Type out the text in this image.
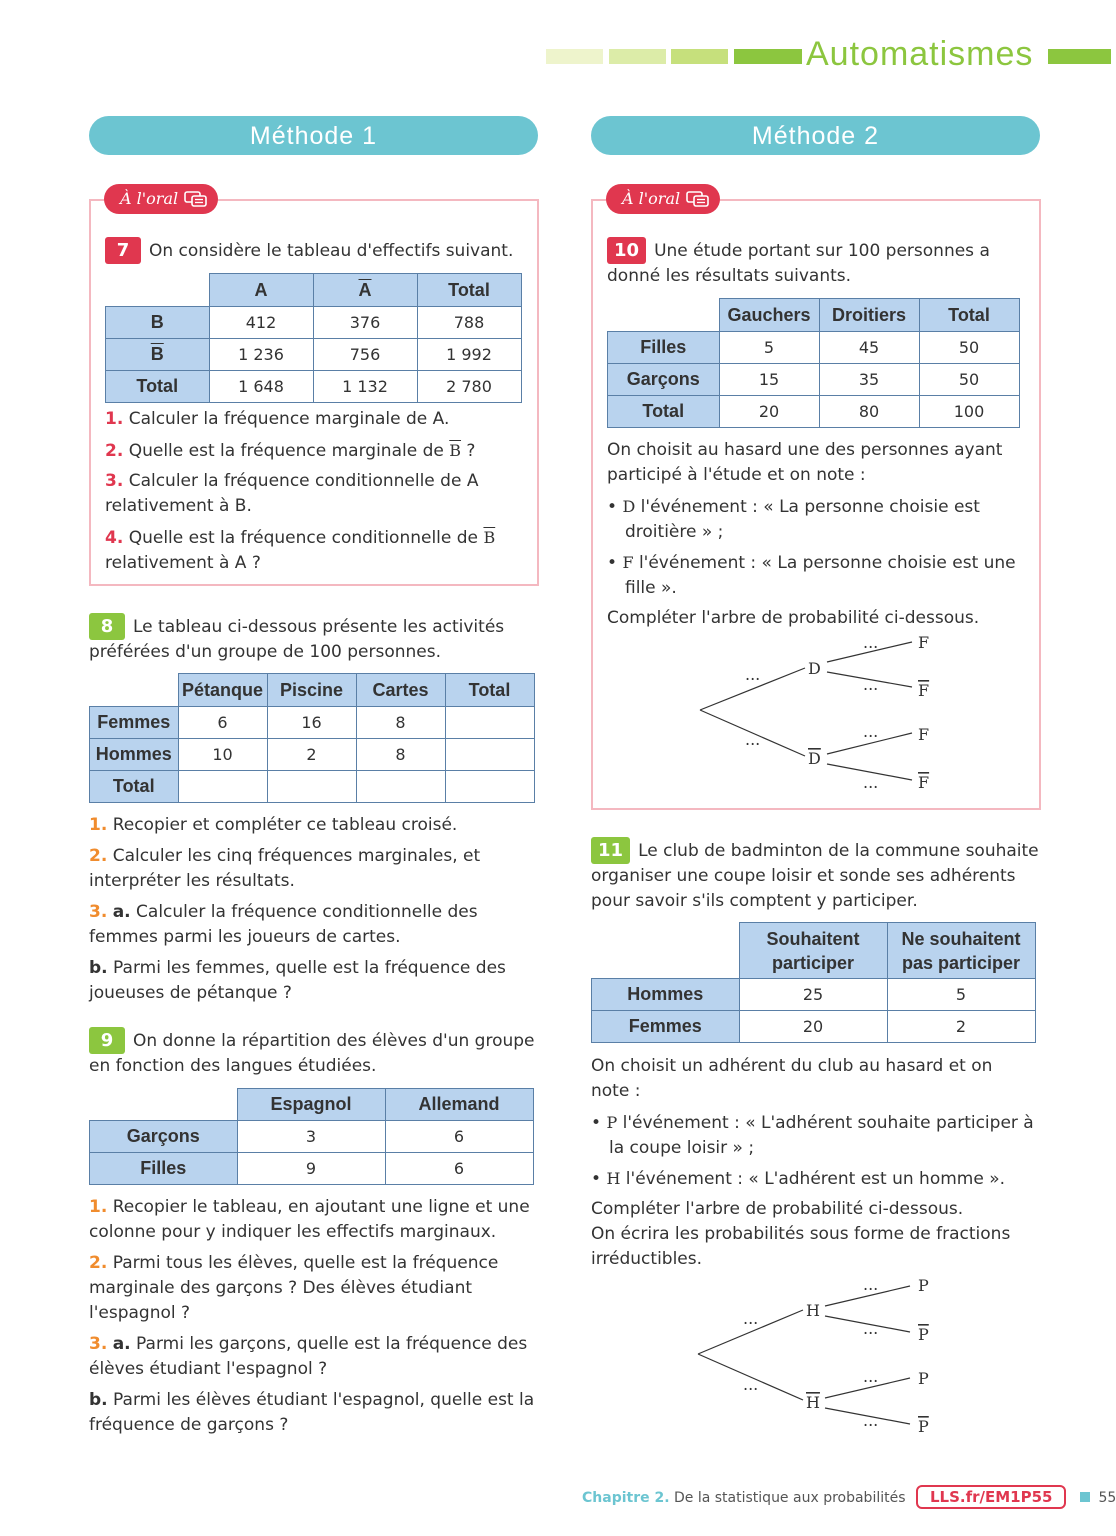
Automatismes
Méthode 1	Méthode 2
À l'oral
7 On considère le tableau d'effectifs suivant.
	A	$\overline{A}$	Total
B	412	376	788
$\overline{B}$	1 236	756	1 992
Total	1 648	1 132	2 780
1. Calculer la fréquence marginale de A.
2. Quelle est la fréquence marginale de $\overline{B}$ ?
3. Calculer la fréquence conditionnelle de A
relativement à B.
4. Quelle est la fréquence conditionnelle de $\overline{B}$
relativement à A ?
8 Le tableau ci-dessous présente les activités
préférées d'un groupe de 100 personnes.
	Pétanque	Piscine	Cartes	Total
Femmes	6	16	8	
Hommes	10	2	8	
Total				
1. Recopier et compléter ce tableau croisé.
2. Calculer les cinq fréquences marginales, et
interpréter les résultats.
3. a. Calculer la fréquence conditionnelle des
femmes parmi les joueurs de cartes.
b. Parmi les femmes, quelle est la fréquence des
joueuses de pétanque ?
9 On donne la répartition des élèves d'un groupe
en fonction des langues étudiées.
	Espagnol	Allemand
Garçons	3	6
Filles	9	6
1. Recopier le tableau, en ajoutant une ligne et une
colonne pour y indiquer les effectifs marginaux.
2. Parmi tous les élèves, quelle est la fréquence
marginale des garçons ? Des élèves étudiant
l'espagnol ?
3. a. Parmi les garçons, quelle est la fréquence des
élèves étudiant l'espagnol ?
b. Parmi les élèves étudiant l'espagnol, quelle est la
fréquence de garçons ?
À l'oral
10 Une étude portant sur 100 personnes a
donné les résultats suivants.
	Gauchers	Droitiers	Total
Filles	5	45	50
Garçons	15	35	50
Total	20	80	100
On choisit au hasard une des personnes ayant
participé à l'étude et on note :
• D l'événement : « La personne choisie est
droitière » ;
• F l'événement : « La personne choisie est une
fille ».
Compléter l'arbre de probabilité ci-dessous.
D
D
F
F
F
F
...
...
...
...
...
...
11 Le club de badminton de la commune souhaite
organiser une coupe loisir et sonde ses adhérents
pour savoir s'ils comptent y participer.
	Souhaitent
participer	Ne souhaitent
pas participer
Hommes	25	5
Femmes	20	2
On choisit un adhérent du club au hasard et on
note :
• P l'événement : « L'adhérent souhaite participer à
la coupe loisir » ;
• H l'événement : « L'adhérent est un homme ».
Compléter l'arbre de probabilité ci-dessous.
On écrira les probabilités sous forme de fractions
irréductibles.
H
H
P
P
P
P
...
...
...
...
...
...
Chapitre 2. De la statistique aux probabilités LLS.fr/EM1P55	55
